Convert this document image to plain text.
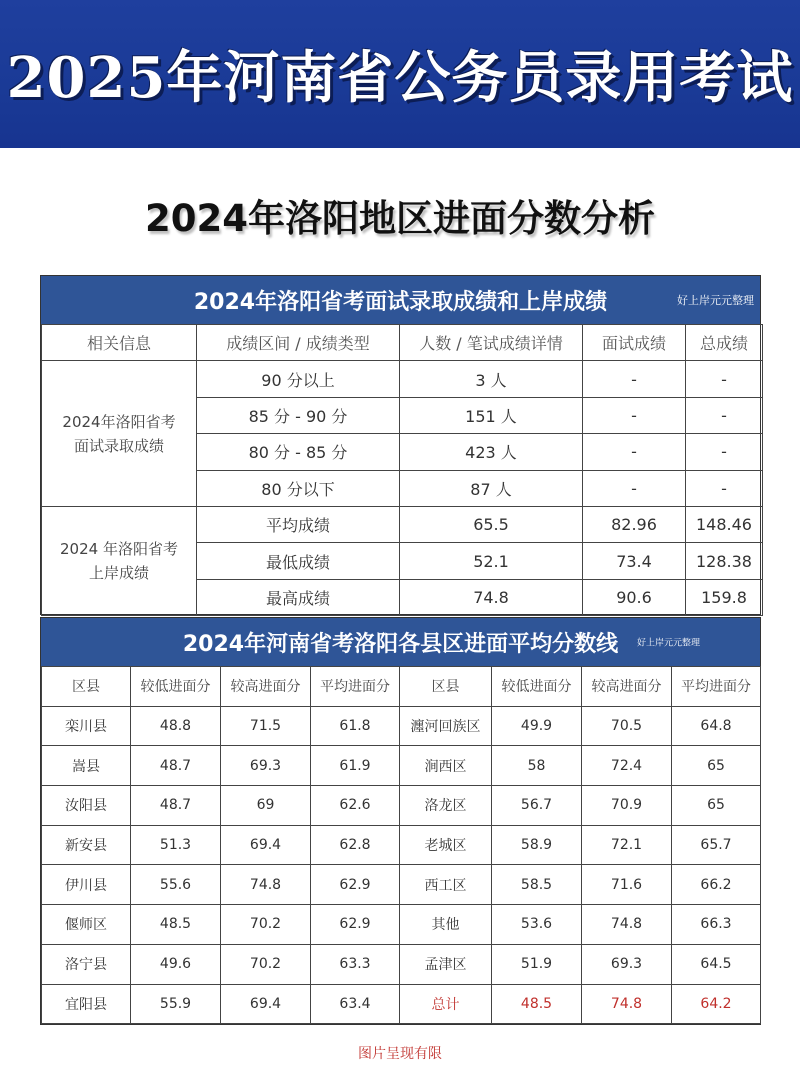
2025年河南省公务员录用考试
2024年洛阳地区进面分数分析
2024年洛阳省考面试录取成绩和上岸成绩	好上岸元元整理
相关信息	成绩区间 / 成绩类型	人数 / 笔试成绩详情	面试成绩	总成绩
2024年洛阳省考
面试录取成绩	90 分以上	3 人	-	-
	85 分 - 90 分	151 人	-	-
	80 分 - 85 分	423 人	-	-
	80 分以下	87 人	-	-
2024 年洛阳省考
上岸成绩	平均成绩	65.5	82.96	148.46
	最低成绩	52.1	73.4	128.38
	最高成绩	74.8	90.6	159.8
2024年河南省考洛阳各县区进面平均分数线 好上岸元元整理
区县	较低进面分	较高进面分	平均进面分	区县	较低进面分	较高进面分	平均进面分
栾川县	48.8	71.5	61.8	瀍河回族区	49.9	70.5	64.8
嵩县	48.7	69.3	61.9	涧西区	58	72.4	65
汝阳县	48.7	69	62.6	洛龙区	56.7	70.9	65
新安县	51.3	69.4	62.8	老城区	58.9	72.1	65.7
伊川县	55.6	74.8	62.9	西工区	58.5	71.6	66.2
偃师区	48.5	70.2	62.9	其他	53.6	74.8	66.3
洛宁县	49.6	70.2	63.3	孟津区	51.9	69.3	64.5
宜阳县	55.9	69.4	63.4	总计	48.5	74.8	64.2
图片呈现有限
